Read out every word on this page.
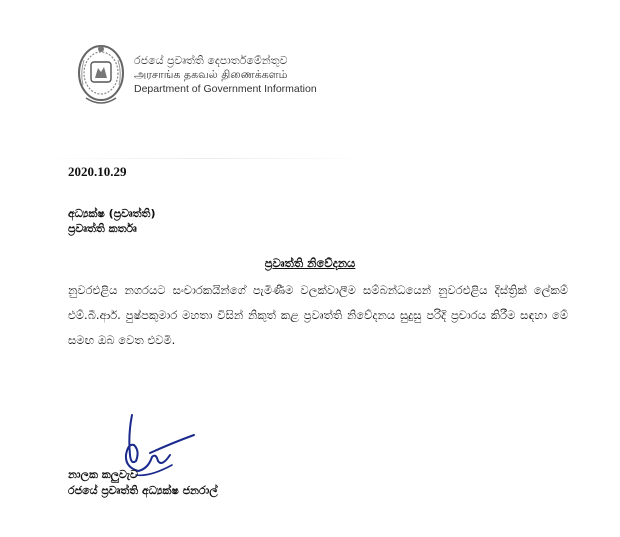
රජයේ ප්‍රවෘත්ති දෙපාර්තමේන්තුව
அரசாங்க தகவல் திணைக்களம்
Department of Government Information
2020.10.29
අධ්‍යක්ෂ (ප්‍රවෘත්ති)
ප්‍රවෘත්ති කර්තෘ
ප්‍රවෘත්ති නිවේදනය
නුවරඑළිය නගරයට සංචාරකයින්ගේ පැමිණීම වලක්වාලීම සම්බන්ධයෙන් නුවරඑළිය දිස්ත්‍රික් ලේකම් එම්.බී.ආර්. පුෂ්පකුමාර මහතා විසින් නිකුත් කළ ප්‍රවෘත්ති නිවේදනය සුදුසු පරිදි ප්‍රචාරය කිරීම සඳහා මේ සමඟ ඔබ වෙත එවමි.
නාලක කලුවැව
රජයේ ප්‍රවෘත්ති අධ්‍යක්ෂ ජනරාල්
